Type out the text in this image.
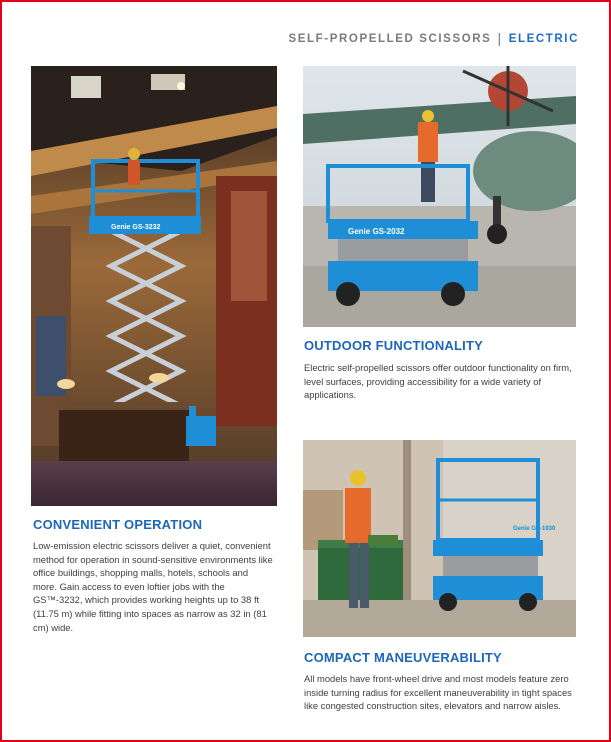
SELF-PROPELLED SCISSORS | ELECTRIC
Genie GS-3232	Genie GS-2032
Genie GS-1930
CONVENIENT OPERATION
Low-emission electric scissors deliver a quiet, convenient method for operation in sound-sensitive environments like office buildings, shopping malls, hotels, schools and more. Gain access to even loftier jobs with the GS™-3232, which provides working heights up to 38 ft (11.75 m) while fitting into spaces as narrow as 32 in (81 cm) wide.
OUTDOOR FUNCTIONALITY
Electric self-propelled scissors offer outdoor functionality on firm, level surfaces, providing accessibility for a wide variety of applications.
COMPACT MANEUVERABILITY
All models have front-wheel drive and most models feature zero inside turning radius for excellent maneuverability in tight spaces like congested construction sites, elevators and narrow aisles.
